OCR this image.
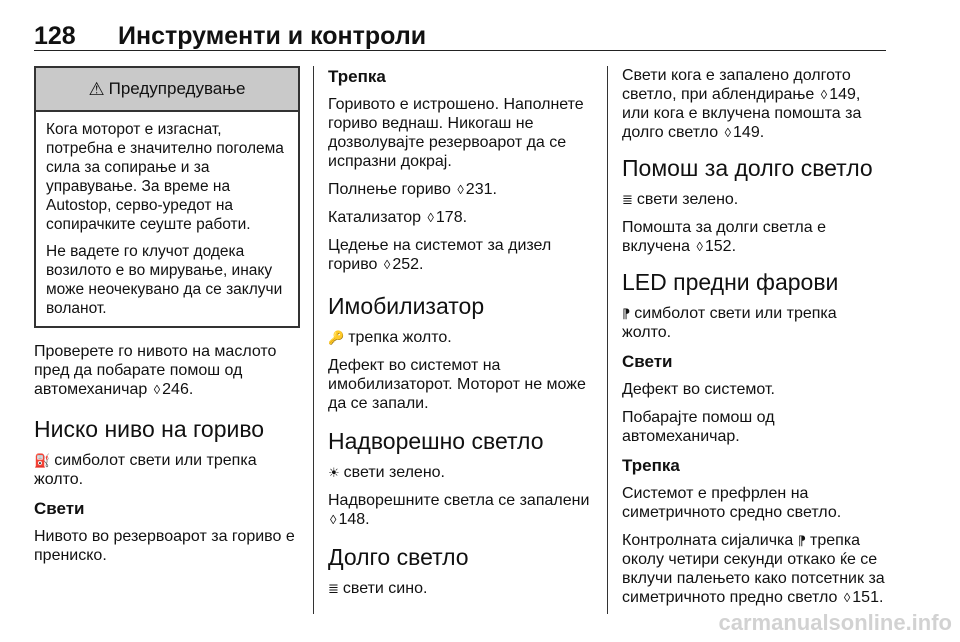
128 Инструменти и контроли
⚠ Предупредување

Кога моторот е изгаснат, потребна е значително поголема сила за сопирање и за управување. За време на Autostop, серво-уредот на сопирачките сеуште работи.

Не вадете го клучот додека возилото е во мирување, инаку може неочекувано да се заклучи воланот.

Проверете го нивото на маслото пред да побарате помош од автомеханичар ◊ 246.

Ниско ниво на гориво

⛽ симболот свети или трепка жолто.

Свети

Нивото во резервоарот за гориво е прениско.

Трепка

Горивото е истрошено. Наполнете гориво веднаш. Никогаш не дозволувајте резервоарот да се испразни докрај.

Полнење гориво ◊ 231.

Катализатор ◊ 178.

Цедење на системот за дизел гориво ◊ 252.

Имобилизатор

🔑 трепка жолто.

Дефект во системот на имобилизаторот. Моторот не може да се запали.

Надворешно светло

☀ свети зелено.

Надворешните светла се запалени ◊ 148.

Долго светло

≣ свети сино.

Свети кога е запалено долгото светло, при аблендирање ◊ 149, или кога е вклучена помошта за долго светло ◊ 149.

Помош за долго светло

≣ свети зелено.

Помошта за долги светла е вклучена ◊ 152.

LED предни фарови

⁋ симболот свети или трепка жолто.

Свети

Дефект во системот.

Побарајте помош од автомеханичар.

Трепка

Системот е префрлен на симетричното средно светло.

Контролната сијаличка ⁋ трепка околу четири секунди откако ќе се вклучи палењето како потсетник за симетричното предно светло ◊ 151.

carmanualsonline.info
